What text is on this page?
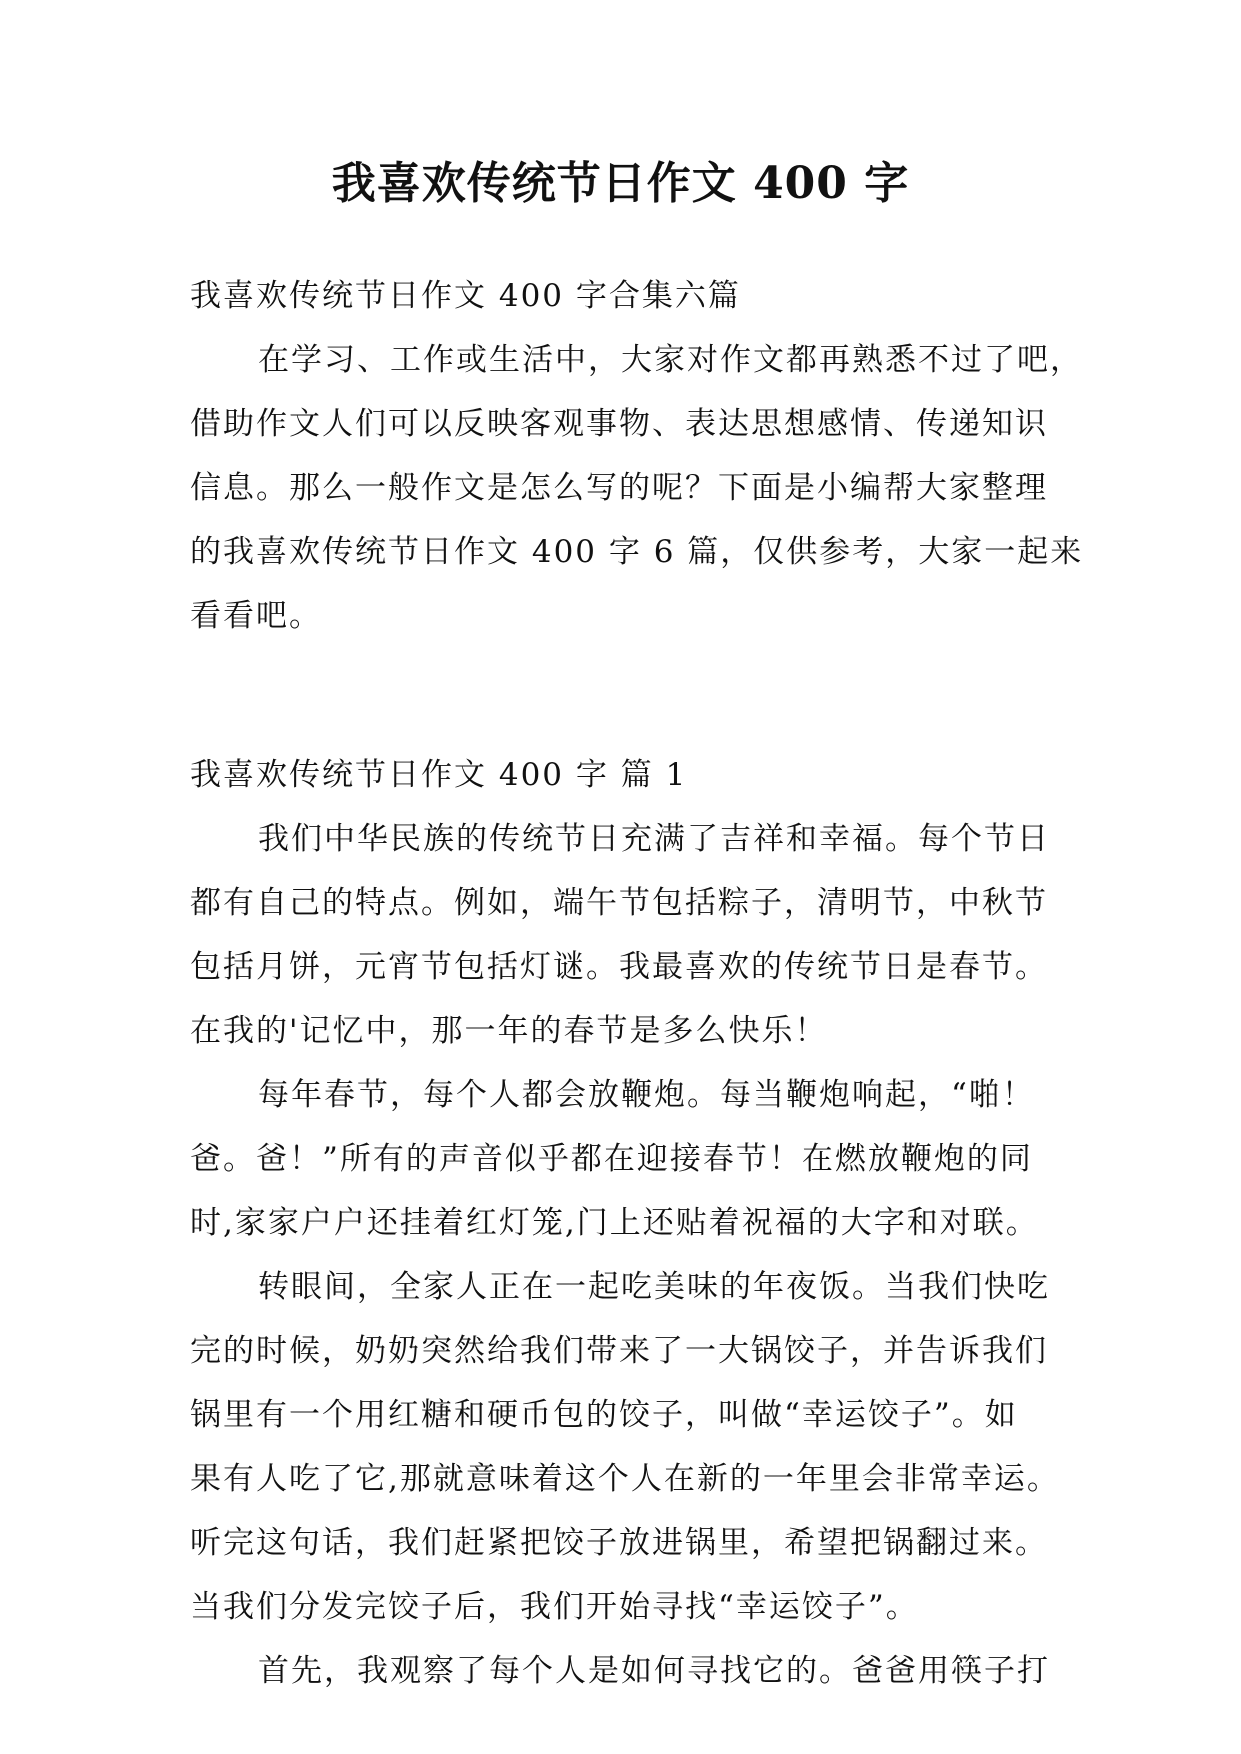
我喜欢传统节日作文 400 字
我喜欢传统节日作文 400 字合集六篇
在学习、工作或生活中，大家对作文都再熟悉不过了吧，
借助作文人们可以反映客观事物、表达思想感情、传递知识
信息。那么一般作文是怎么写的呢？下面是小编帮大家整理
的我喜欢传统节日作文 400 字 6 篇，仅供参考，大家一起来
看看吧。
我喜欢传统节日作文 400 字 篇 1
我们中华民族的传统节日充满了吉祥和幸福。每个节日
都有自己的特点。例如，端午节包括粽子，清明节，中秋节
包括月饼，元宵节包括灯谜。我最喜欢的传统节日是春节。
在我的'记忆中，那一年的春节是多么快乐！
每年春节，每个人都会放鞭炮。每当鞭炮响起，“啪！
爸。爸！”所有的声音似乎都在迎接春节！在燃放鞭炮的同
时,家家户户还挂着红灯笼,门上还贴着祝福的大字和对联。
转眼间，全家人正在一起吃美味的年夜饭。当我们快吃
完的时候，奶奶突然给我们带来了一大锅饺子，并告诉我们
锅里有一个用红糖和硬币包的饺子，叫做“幸运饺子”。如
果有人吃了它,那就意味着这个人在新的一年里会非常幸运。
听完这句话，我们赶紧把饺子放进锅里，希望把锅翻过来。
当我们分发完饺子后，我们开始寻找“幸运饺子”。
首先，我观察了每个人是如何寻找它的。爸爸用筷子打
